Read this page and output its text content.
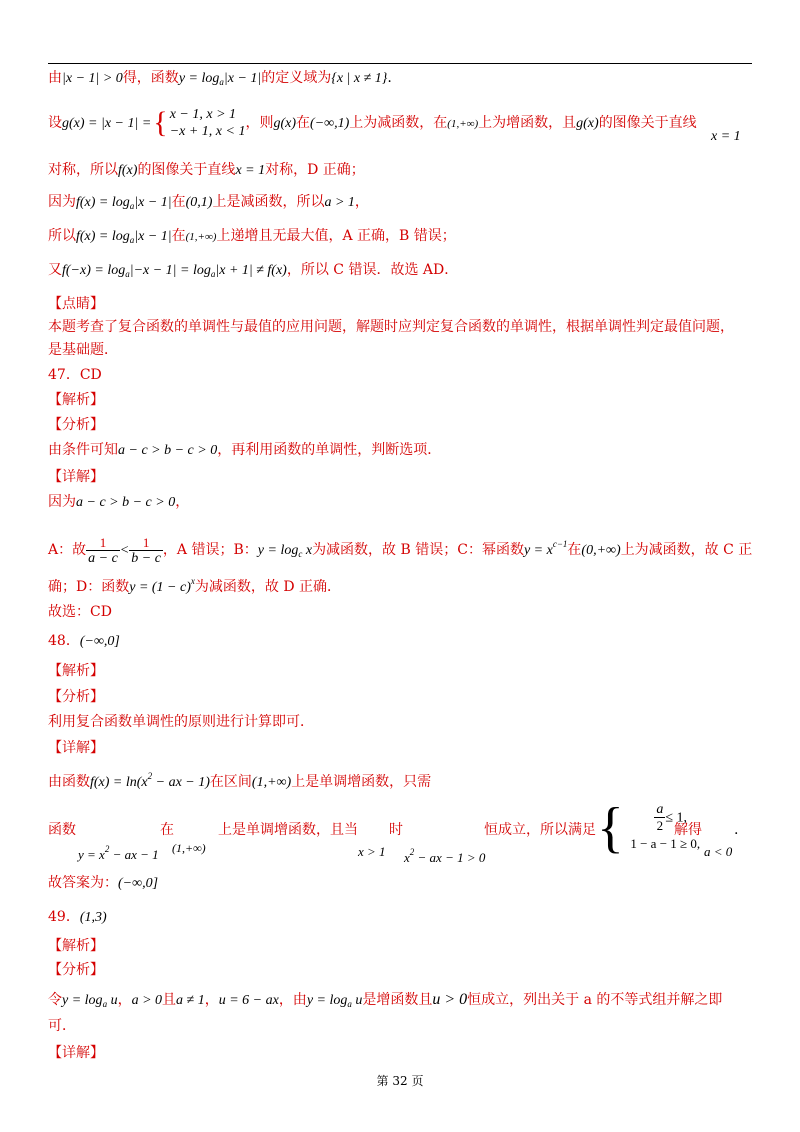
由|x − 1| > 0得，函数$y = \log_a|x - 1|$的定义域为{x | x ≠ 1}.
设g(x) = |x − 1| ={ x − 1, x > 1
−x + 1, x < 1
，则g(x)在(−∞,1)上为减函数，在(1,+∞)上为增函数，且g(x)的图像关于直线
x = 1
对称，所以f(x)的图像关于直线x = 1对称，D 正确；
因为$f(x) = \log_a|x - 1|$在(0,1)上是减函数，所以a > 1，
所以$f(x) = \log_a|x - 1|$在(1,+∞)上递增且无最大值，A 正确，B 错误；
又$f(-x) = \log_a|-x - 1| = \log_a|x + 1| \ne f(x)$，所以 C 错误．故选 AD．
【点睛】
本题考查了复合函数的单调性与最值的应用问题，解题时应判定复合函数的单调性，根据单调性判定最值问题，
是基础题．
47．CD
【解析】
【分析】
由条件可知a − c > b − c > 0，再利用函数的单调性，判断选项．
【详解】
因为a − c > b − c > 0，
A：故 $\frac{1}{a - c} < \frac{1}{b - c}$ ，A 错误；B：$y = \log_c x$为减函数，故 B 错误；C：幂函数$y = x^{c-1}$在(0,+∞)上为减函数，故 C 正
确；D：函数$y = (1 - c)^x$为减函数，故 D 正确．
故选：CD
48．(−∞,0]
【解析】
【分析】
利用复合函数单调性的原则进行计算即可．
【详解】
由函数$f(x) = \ln(x^2$ − ax − 1)在区间(1,+∞)上是单调增函数，只需
函数
$y = x^2$ − ax − 1
在
(1,+∞)
上是单调增函数，且当
x > 1
时
$x^2$ − ax − 1 > 0
恒成立，所以满足 { $\frac{a}{2} \le 1$,
1 − a − 1 ≥ 0,
解得
a < 0
.
故答案为：(−∞,0]
49．(1,3)
【解析】
【分析】
令$y = \log_a u$，a > 0且a ≠ 1，u = 6 − ax，由$y = \log_a u$是增函数且u > 0恒成立，列出关于 a 的不等式组并解之即
可．
【详解】
第 32 页
